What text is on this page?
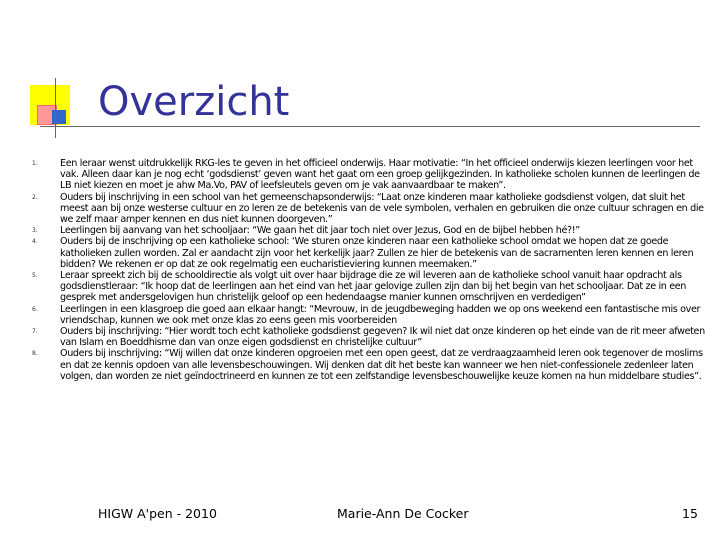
Overzicht
1. Een leraar wenst uitdrukkelijk RKG-les te geven in het officieel onderwijs. Haar motivatie: “In het officieel onderwijs kiezen leerlingen voor het vak. Alleen daar kan je nog echt ‘godsdienst’ geven want het gaat om een groep gelijkgezinden. In katholieke scholen kunnen de leerlingen de LB niet kiezen en moet je ahw Ma.Vo, PAV of leefsleutels geven om je vak aanvaardbaar te maken”.
2. Ouders bij inschrijving in een school van het gemeenschapsonderwijs: “Laat onze kinderen maar katholieke godsdienst volgen, dat sluit het meest aan bij onze westerse cultuur en zo leren ze de betekenis van de vele symbolen, verhalen en gebruiken die onze cultuur schragen en die we zelf maar amper kennen en dus niet kunnen doorgeven.”
3. Leerlingen bij aanvang van het schooljaar: “We gaan het dit jaar toch niet over Jezus, God en de bijbel hebben hé?!”
4. Ouders bij de inschrijving op een katholieke school: ‘We sturen onze kinderen naar een katholieke school omdat we hopen dat ze goede katholieken zullen worden. Zal er aandacht zijn voor het kerkelijk jaar? Zullen ze hier de betekenis van de sacramenten leren kennen en leren bidden? We rekenen er op dat ze ook regelmatig een eucharistieviering kunnen meemaken.”
5. Leraar spreekt zich bij de schooldirectie als volgt uit over haar bijdrage die ze wil leveren aan de katholieke school vanuit haar opdracht als godsdienstleraar: “Ik hoop dat de leerlingen aan het eind van het jaar gelovige zullen zijn dan bij het begin van het schooljaar. Dat ze in een gesprek met andersgelovigen hun christelijk geloof op een hedendaagse manier kunnen omschrijven en verdedigen”
6. Leerlingen in een klasgroep die goed aan elkaar hangt: “Mevrouw, in de jeugdbeweging hadden we op ons weekend een fantastische mis over vriendschap, kunnen we ook met onze klas zo eens geen mis voorbereiden
7. Ouders bij inschrijving: “Hier wordt toch echt katholieke godsdienst gegeven? Ik wil niet dat onze kinderen op het einde van de rit meer afweten van Islam en Boeddhisme dan van onze eigen godsdienst en christelijke cultuur”
8. Ouders bij inschrijving: “Wij willen dat onze kinderen opgroeien met een open geest, dat ze verdraagzaamheid leren ook tegenover de moslims en dat ze kennis opdoen van alle levensbeschouwingen. Wij denken dat dit het beste kan wanneer we hen niet-confessionele zedenleer laten volgen, dan worden ze niet geïndoctrineerd en kunnen ze tot een zelfstandige levensbeschouwelijke keuze komen na hun middelbare studies”.

HIGW A'pen - 2010	Marie-Ann De Cocker	15
